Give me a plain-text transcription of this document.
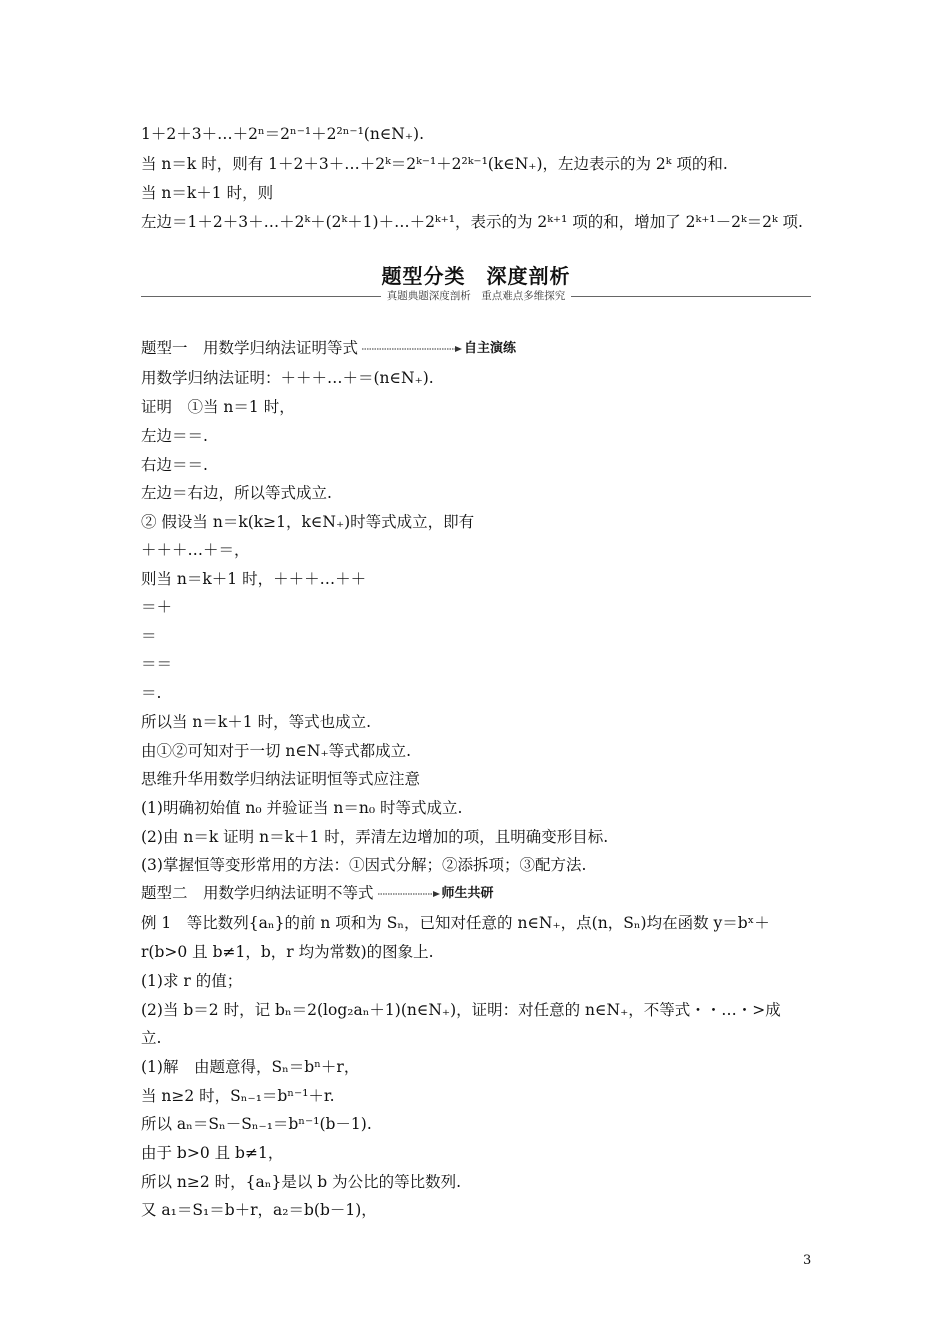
1＋2＋3＋…＋2ⁿ＝2ⁿ⁻¹＋2²ⁿ⁻¹(n∈N₊).
当 n＝k 时，则有 1＋2＋3＋…＋2ᵏ＝2ᵏ⁻¹＋2²ᵏ⁻¹(k∈N₊)，左边表示的为 2ᵏ 项的和.
当 n＝k＋1 时，则
左边＝1＋2＋3＋…＋2ᵏ＋(2ᵏ＋1)＋…＋2ᵏ⁺¹，表示的为 2ᵏ⁺¹ 项的和，增加了 2ᵏ⁺¹－2ᵏ＝2ᵏ 项.
题型分类　深度剖析
真题典题深度剖析　重点难点多维探究
题型一　用数学归纳法证明等式	自主演练
用数学归纳法证明：＋＋＋…＋＝(n∈N₊).
证明　①当 n＝1 时，
左边＝＝.
右边＝＝.
左边＝右边，所以等式成立.
② 假设当 n＝k(k≥1，k∈N₊)时等式成立，即有
＋＋＋…＋＝，
则当 n＝k＋1 时，＋＋＋…＋＋
＝＋
＝
＝＝
＝.
所以当 n＝k＋1 时，等式也成立.
由①②可知对于一切 n∈N₊等式都成立.
思维升华用数学归纳法证明恒等式应注意
(1)明确初始值 n₀ 并验证当 n＝n₀ 时等式成立.
(2)由 n＝k 证明 n＝k＋1 时，弄清左边增加的项，且明确变形目标.
(3)掌握恒等变形常用的方法：①因式分解；②添拆项；③配方法.
题型二　用数学归纳法证明不等式	师生共研
例 1　等比数列{aₙ}的前 n 项和为 Sₙ，已知对任意的 n∈N₊，点(n，Sₙ)均在函数 y＝bˣ＋
r(b>0 且 b≠1，b，r 均为常数)的图象上.
(1)求 r 的值；
(2)当 b＝2 时，记 bₙ＝2(log₂aₙ＋1)(n∈N₊)，证明：对任意的 n∈N₊，不等式・・…・>成
立.
(1)解　由题意得，Sₙ＝bⁿ＋r，
当 n≥2 时，Sₙ₋₁＝bⁿ⁻¹＋r.
所以 aₙ＝Sₙ－Sₙ₋₁＝bⁿ⁻¹(b－1).
由于 b>0 且 b≠1，
所以 n≥2 时，{aₙ}是以 b 为公比的等比数列.
又 a₁＝S₁＝b＋r，a₂＝b(b－1)，
3
